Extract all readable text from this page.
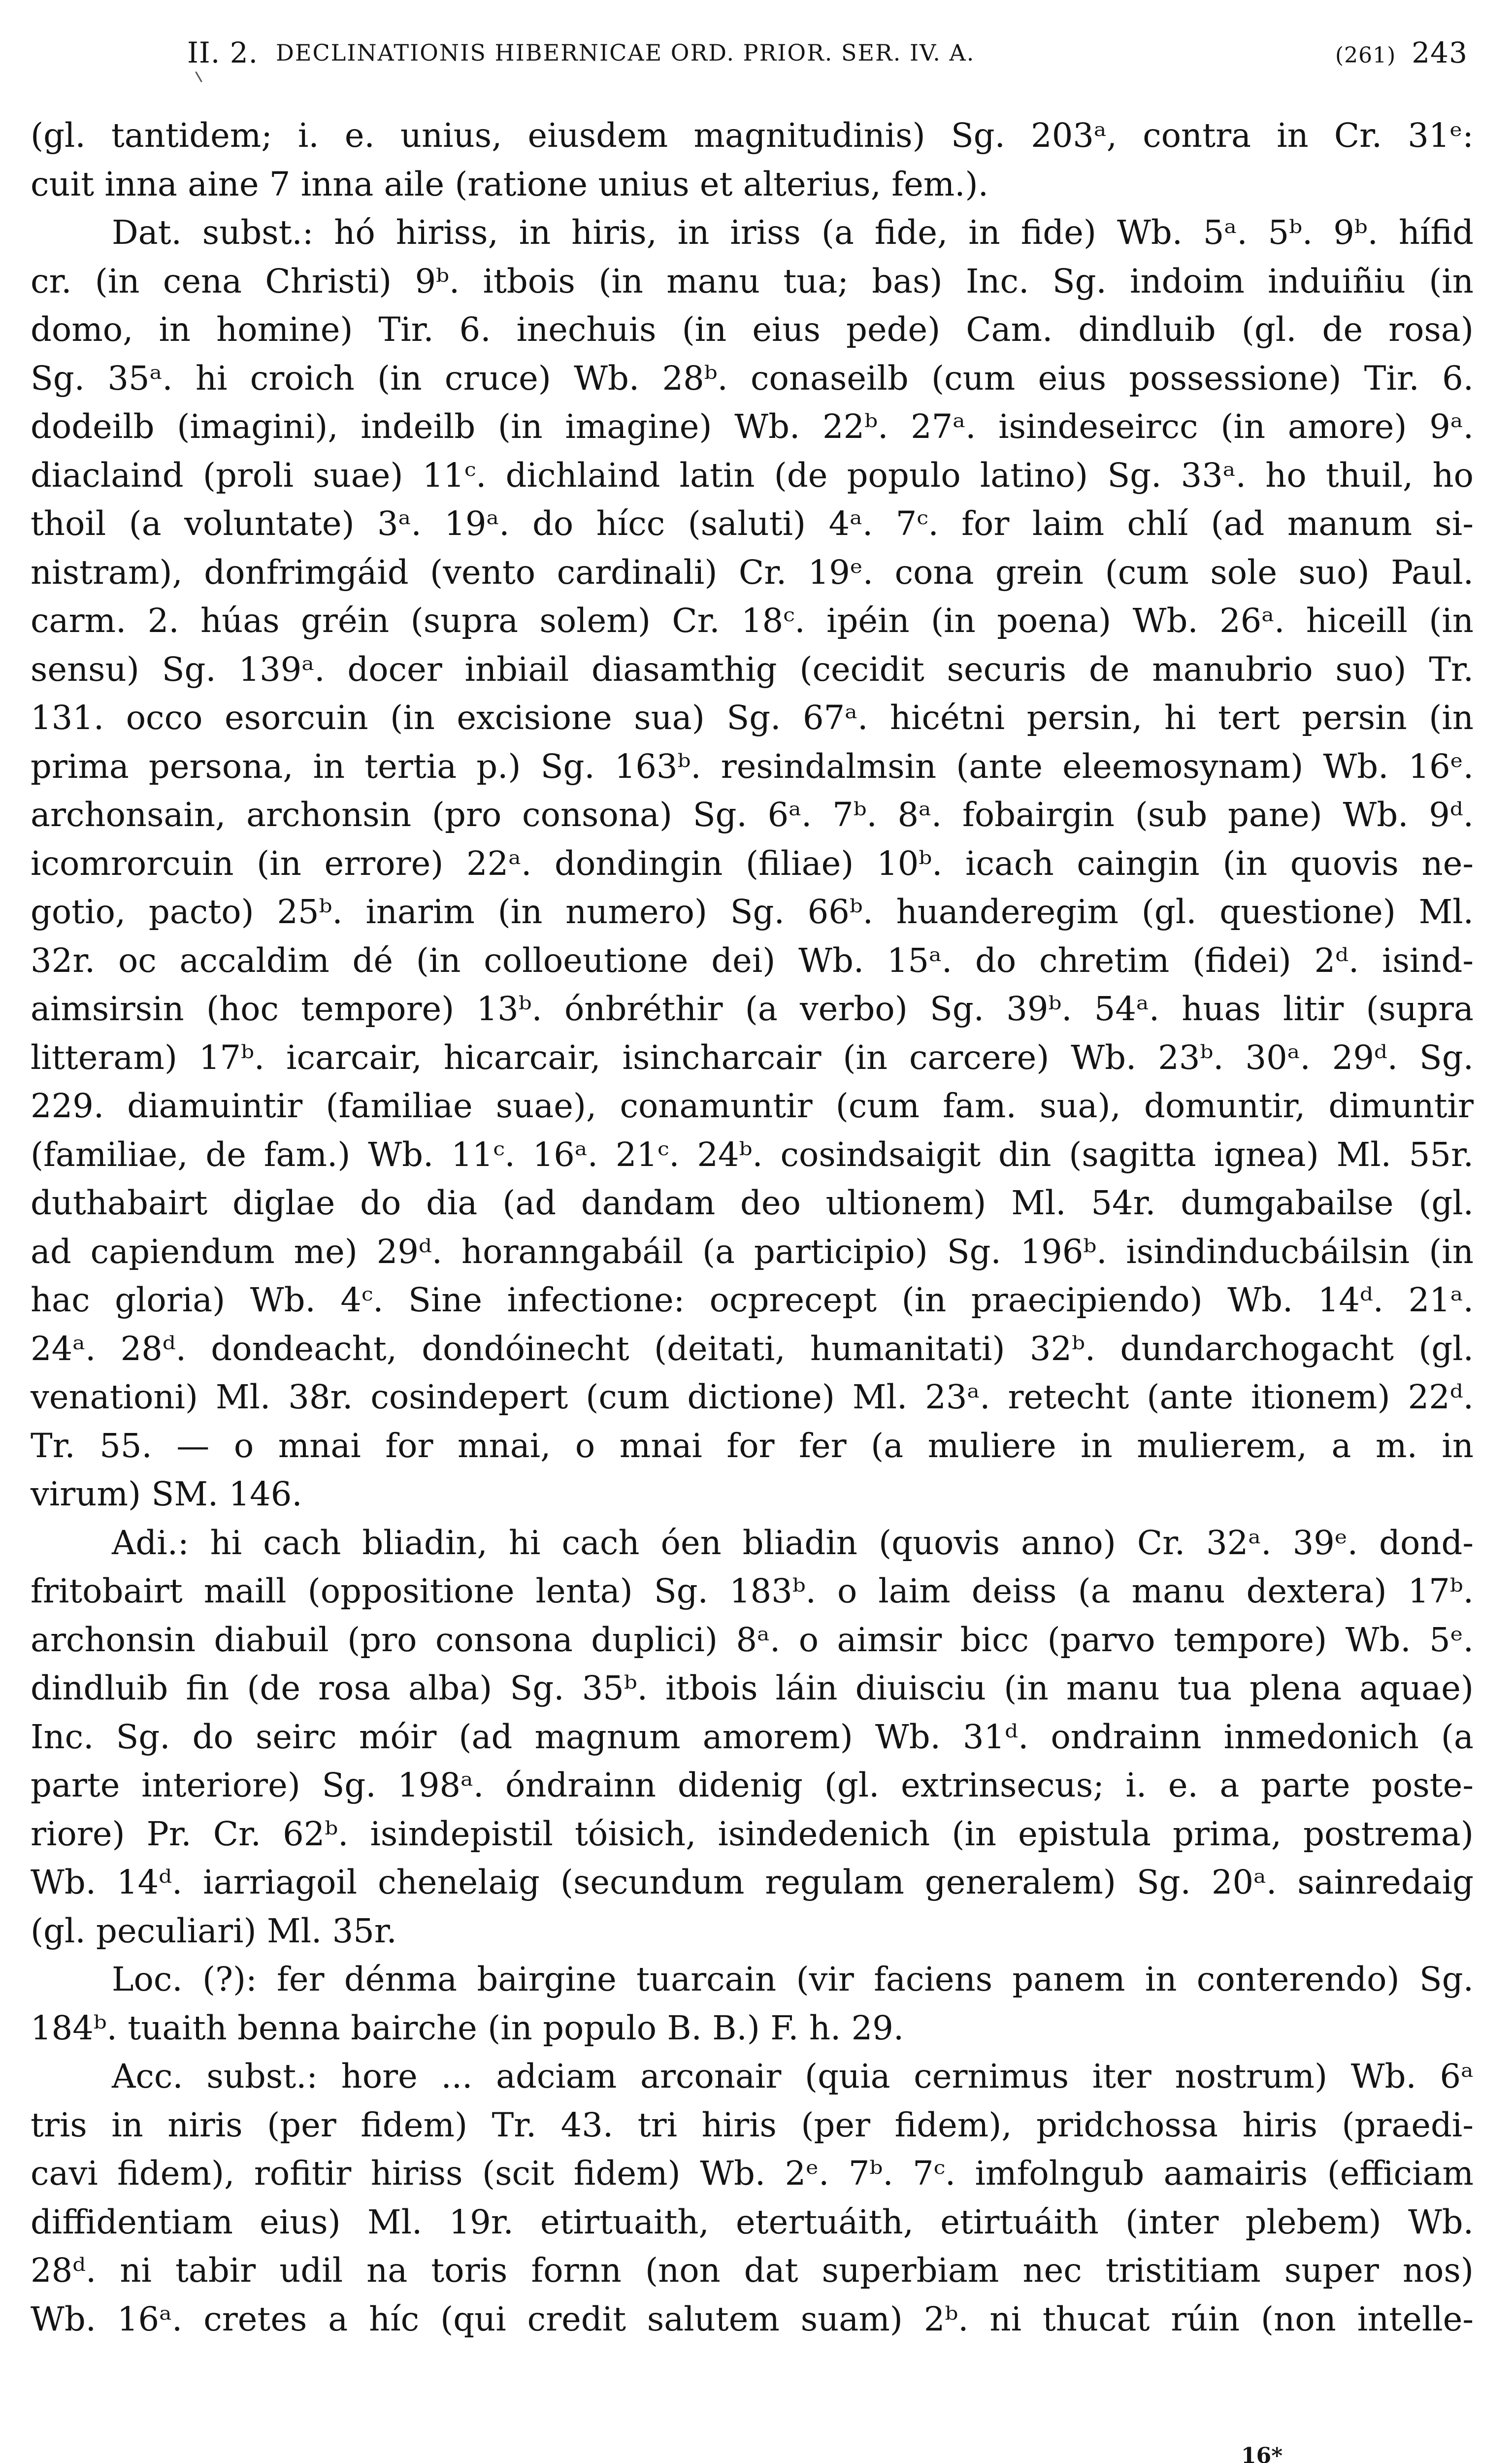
II. 2. DECLINATIONIS HIBERNICAE ORD. PRIOR. SER. IV. A.	(261) 243
(gl. tantidem; i. e. unius, eiusdem magnitudinis) Sg. 203ᵃ, contra in Cr. 31ᵉ:
cuit inna aine 7 inna aile (ratione unius et alterius, fem.).
Dat. subst.: hó hiriss, in hiris, in iriss (a fide, in fide) Wb. 5ᵃ. 5ᵇ. 9ᵇ. hífid
cr. (in cena Christi) 9ᵇ. itbois (in manu tua; bas) Inc. Sg. indoim induiñiu (in
domo, in homine) Tir. 6. inechuis (in eius pede) Cam. dindluib (gl. de rosa)
Sg. 35ᵃ. hi croich (in cruce) Wb. 28ᵇ. conaseilb (cum eius possessione) Tir. 6.
dodeilb (imagini), indeilb (in imagine) Wb. 22ᵇ. 27ᵃ. isindeseircc (in amore) 9ᵃ.
diaclaind (proli suae) 11ᶜ. dichlaind latin (de populo latino) Sg. 33ᵃ. ho thuil, ho
thoil (a voluntate) 3ᵃ. 19ᵃ. do hícc (saluti) 4ᵃ. 7ᶜ. for laim chlí (ad manum si-
nistram), donfrimgáid (vento cardinali) Cr. 19ᵉ. cona grein (cum sole suo) Paul.
carm. 2. húas gréin (supra solem) Cr. 18ᶜ. ipéin (in poena) Wb. 26ᵃ. hiceill (in
sensu) Sg. 139ᵃ. docer inbiail diasamthig (cecidit securis de manubrio suo) Tr.
131. occo esorcuin (in excisione sua) Sg. 67ᵃ. hicétni persin, hi tert persin (in
prima persona, in tertia p.) Sg. 163ᵇ. resindalmsin (ante eleemosynam) Wb. 16ᵉ.
archonsain, archonsin (pro consona) Sg. 6ᵃ. 7ᵇ. 8ᵃ. fobairgin (sub pane) Wb. 9ᵈ.
icomrorcuin (in errore) 22ᵃ. dondingin (filiae) 10ᵇ. icach caingin (in quovis ne-
gotio, pacto) 25ᵇ. inarim (in numero) Sg. 66ᵇ. huanderegim (gl. questione) Ml.
32r. oc accaldim dé (in colloeutione dei) Wb. 15ᵃ. do chretim (fidei) 2ᵈ. isind-
aimsirsin (hoc tempore) 13ᵇ. ónbréthir (a verbo) Sg. 39ᵇ. 54ᵃ. huas litir (supra
litteram) 17ᵇ. icarcair, hicarcair, isincharcair (in carcere) Wb. 23ᵇ. 30ᵃ. 29ᵈ. Sg.
229. diamuintir (familiae suae), conamuntir (cum fam. sua), domuntir, dimuntir
(familiae, de fam.) Wb. 11ᶜ. 16ᵃ. 21ᶜ. 24ᵇ. cosindsaigit din (sagitta ignea) Ml. 55r.
duthabairt diglae do dia (ad dandam deo ultionem) Ml. 54r. dumgabailse (gl.
ad capiendum me) 29ᵈ. horanngabáil (a participio) Sg. 196ᵇ. isindinducbáilsin (in
hac gloria) Wb. 4ᶜ. Sine infectione: ocprecept (in praecipiendo) Wb. 14ᵈ. 21ᵃ.
24ᵃ. 28ᵈ. dondeacht, dondóinecht (deitati, humanitati) 32ᵇ. dundarchogacht (gl.
venationi) Ml. 38r. cosindepert (cum dictione) Ml. 23ᵃ. retecht (ante itionem) 22ᵈ.
Tr. 55. — o mnai for mnai, o mnai for fer (a muliere in mulierem, a m. in
virum) SM. 146.
Adi.: hi cach bliadin, hi cach óen bliadin (quovis anno) Cr. 32ᵃ. 39ᵉ. dond-
fritobairt maill (oppositione lenta) Sg. 183ᵇ. o laim deiss (a manu dextera) 17ᵇ.
archonsin diabuil (pro consona duplici) 8ᵃ. o aimsir bicc (parvo tempore) Wb. 5ᵉ.
dindluib fin (de rosa alba) Sg. 35ᵇ. itbois láin diuisciu (in manu tua plena aquae)
Inc. Sg. do seirc móir (ad magnum amorem) Wb. 31ᵈ. ondrainn inmedonich (a
parte interiore) Sg. 198ᵃ. óndrainn didenig (gl. extrinsecus; i. e. a parte poste-
riore) Pr. Cr. 62ᵇ. isindepistil tóisich, isindedenich (in epistula prima, postrema)
Wb. 14ᵈ. iarriagoil chenelaig (secundum regulam generalem) Sg. 20ᵃ. sainredaig
(gl. peculiari) Ml. 35r.
Loc. (?): fer dénma bairgine tuarcain (vir faciens panem in conterendo) Sg.
184ᵇ. tuaith benna bairche (in populo B. B.) F. h. 29.
Acc. subst.: hore ... adciam arconair (quia cernimus iter nostrum) Wb. 6ᵃ
tris in niris (per fidem) Tr. 43. tri hiris (per fidem), pridchossa hiris (praedi-
cavi fidem), rofitir hiriss (scit fidem) Wb. 2ᵉ. 7ᵇ. 7ᶜ. imfolngub aamairis (efficiam
diffidentiam eius) Ml. 19r. etirtuaith, etertuáith, etirtuáith (inter plebem) Wb.
28ᵈ. ni tabir udil na toris fornn (non dat superbiam nec tristitiam super nos)
Wb. 16ᵃ. cretes a híc (qui credit salutem suam) 2ᵇ. ni thucat rúin (non intelle-
16*
